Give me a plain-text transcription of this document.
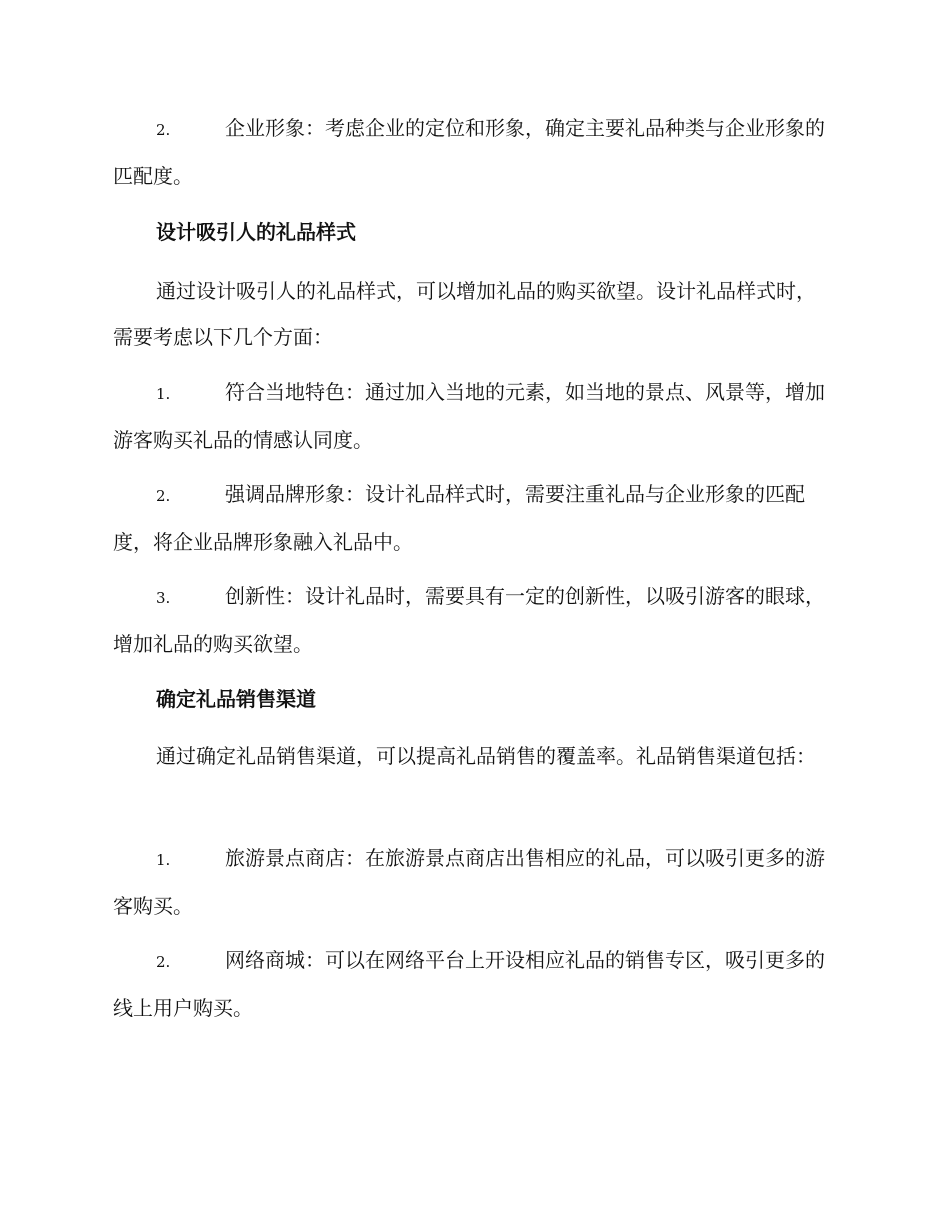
2.	企业形象：考虑企业的定位和形象，确定主要礼品种类与企业形象的匹配度。

设计吸引人的礼品样式

通过设计吸引人的礼品样式，可以增加礼品的购买欲望。设计礼品样式时，需要考虑以下几个方面：

1.	符合当地特色：通过加入当地的元素，如当地的景点、风景等，增加游客购买礼品的情感认同度。

2.	强调品牌形象：设计礼品样式时，需要注重礼品与企业形象的匹配度，将企业品牌形象融入礼品中。

3.	创新性：设计礼品时，需要具有一定的创新性，以吸引游客的眼球，增加礼品的购买欲望。

确定礼品销售渠道

通过确定礼品销售渠道，可以提高礼品销售的覆盖率。礼品销售渠道包括：

1.	旅游景点商店：在旅游景点商店出售相应的礼品，可以吸引更多的游客购买。

2.	网络商城：可以在网络平台上开设相应礼品的销售专区，吸引更多的线上用户购买。
